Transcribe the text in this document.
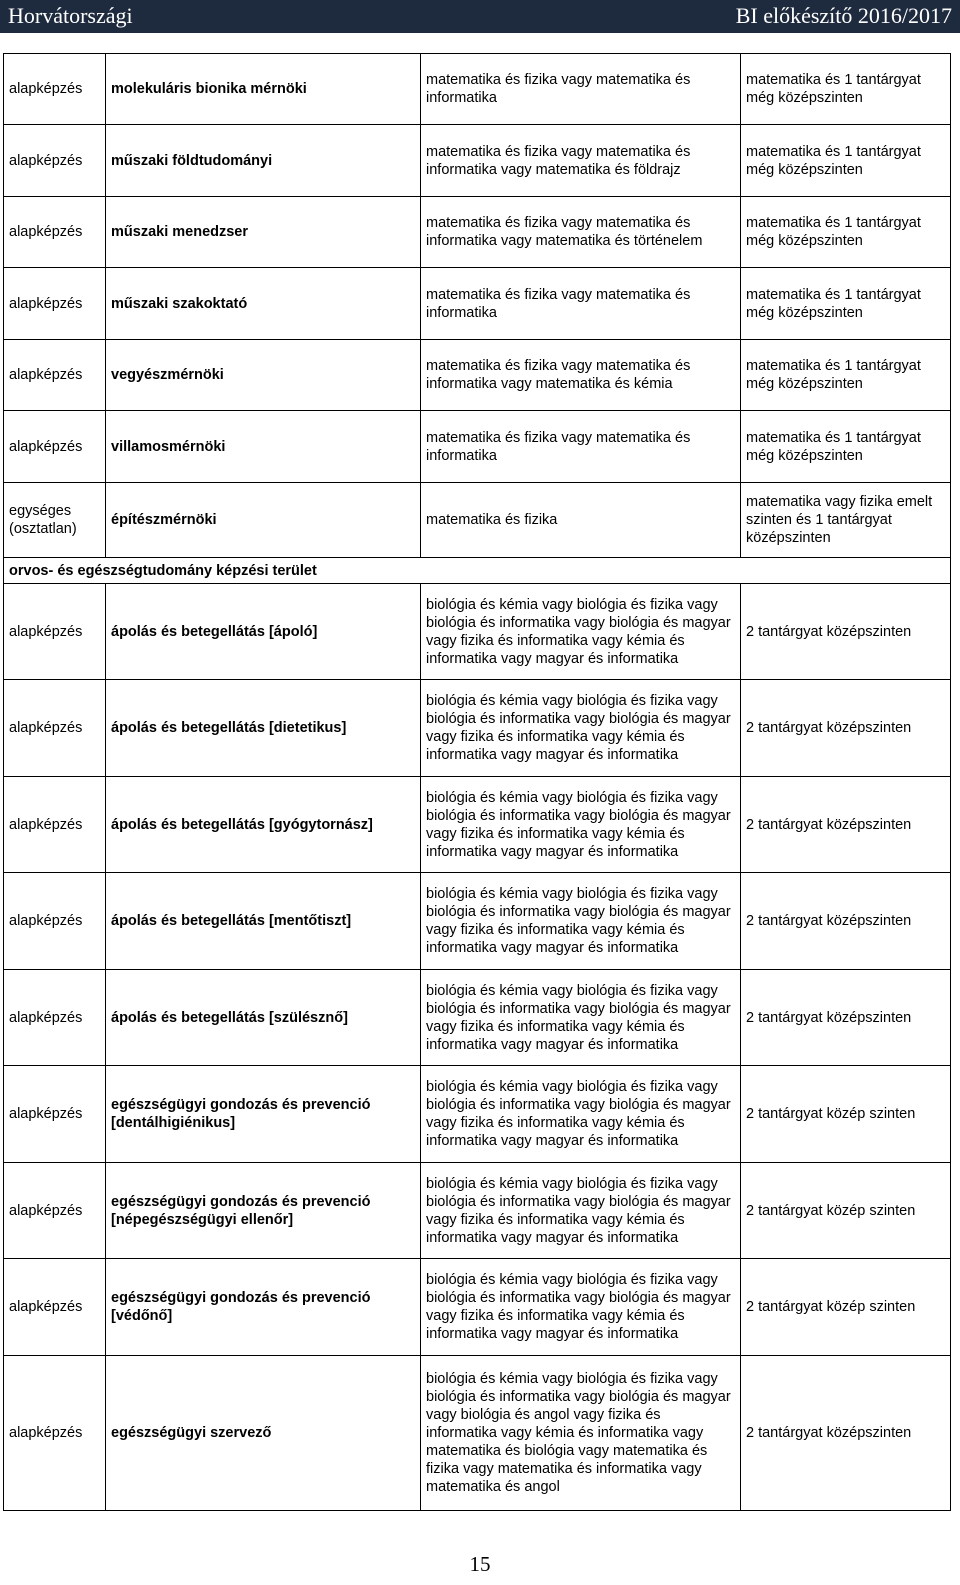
Horvátországi	BI előkészítő 2016/2017
alapképzés	molekuláris bionika mérnöki	matematika és fizika vagy matematika és informatika	matematika és 1 tantárgyat még középszinten
alapképzés	műszaki földtudományi	matematika és fizika vagy matematika és informatika vagy matematika és földrajz	matematika és 1 tantárgyat még középszinten
alapképzés	műszaki menedzser	matematika és fizika vagy matematika és informatika vagy matematika és történelem	matematika és 1 tantárgyat még középszinten
alapképzés	műszaki szakoktató	matematika és fizika vagy matematika és informatika	matematika és 1 tantárgyat még középszinten
alapképzés	vegyészmérnöki	matematika és fizika vagy matematika és informatika vagy matematika és kémia	matematika és 1 tantárgyat még középszinten
alapképzés	villamosmérnöki	matematika és fizika vagy matematika és informatika	matematika és 1 tantárgyat még középszinten
egységes (osztatlan)	építészmérnöki	matematika és fizika	matematika vagy fizika emelt szinten és 1 tantárgyat középszinten
orvos- és egészségtudomány képzési terület			
alapképzés	ápolás és betegellátás [ápoló]	biológia és kémia vagy biológia és fizika vagy biológia és informatika vagy biológia és magyar vagy fizika és informatika vagy kémia és informatika vagy magyar és informatika	2 tantárgyat középszinten
alapképzés	ápolás és betegellátás [dietetikus]	biológia és kémia vagy biológia és fizika vagy biológia és informatika vagy biológia és magyar vagy fizika és informatika vagy kémia és informatika vagy magyar és informatika	2 tantárgyat középszinten
alapképzés	ápolás és betegellátás [gyógytornász]	biológia és kémia vagy biológia és fizika vagy biológia és informatika vagy biológia és magyar vagy fizika és informatika vagy kémia és informatika vagy magyar és informatika	2 tantárgyat középszinten
alapképzés	ápolás és betegellátás [mentőtiszt]	biológia és kémia vagy biológia és fizika vagy biológia és informatika vagy biológia és magyar vagy fizika és informatika vagy kémia és informatika vagy magyar és informatika	2 tantárgyat középszinten
alapképzés	ápolás és betegellátás [szülésznő]	biológia és kémia vagy biológia és fizika vagy biológia és informatika vagy biológia és magyar vagy fizika és informatika vagy kémia és informatika vagy magyar és informatika	2 tantárgyat középszinten
alapképzés	egészségügyi gondozás és prevenció [dentálhigiénikus]	biológia és kémia vagy biológia és fizika vagy biológia és informatika vagy biológia és magyar vagy fizika és informatika vagy kémia és informatika vagy magyar és informatika	2 tantárgyat közép szinten
alapképzés	egészségügyi gondozás és prevenció [népegészségügyi ellenőr]	biológia és kémia vagy biológia és fizika vagy biológia és informatika vagy biológia és magyar vagy fizika és informatika vagy kémia és informatika vagy magyar és informatika	2 tantárgyat közép szinten
alapképzés	egészségügyi gondozás és prevenció [védőnő]	biológia és kémia vagy biológia és fizika vagy biológia és informatika vagy biológia és magyar vagy fizika és informatika vagy kémia és informatika vagy magyar és informatika	2 tantárgyat közép szinten
alapképzés	egészségügyi szervező	biológia és kémia vagy biológia és fizika vagy biológia és informatika vagy biológia és magyar vagy biológia és angol vagy fizika és informatika vagy kémia és informatika vagy matematika és biológia vagy matematika és fizika vagy matematika és informatika vagy matematika és angol	2 tantárgyat középszinten
15
